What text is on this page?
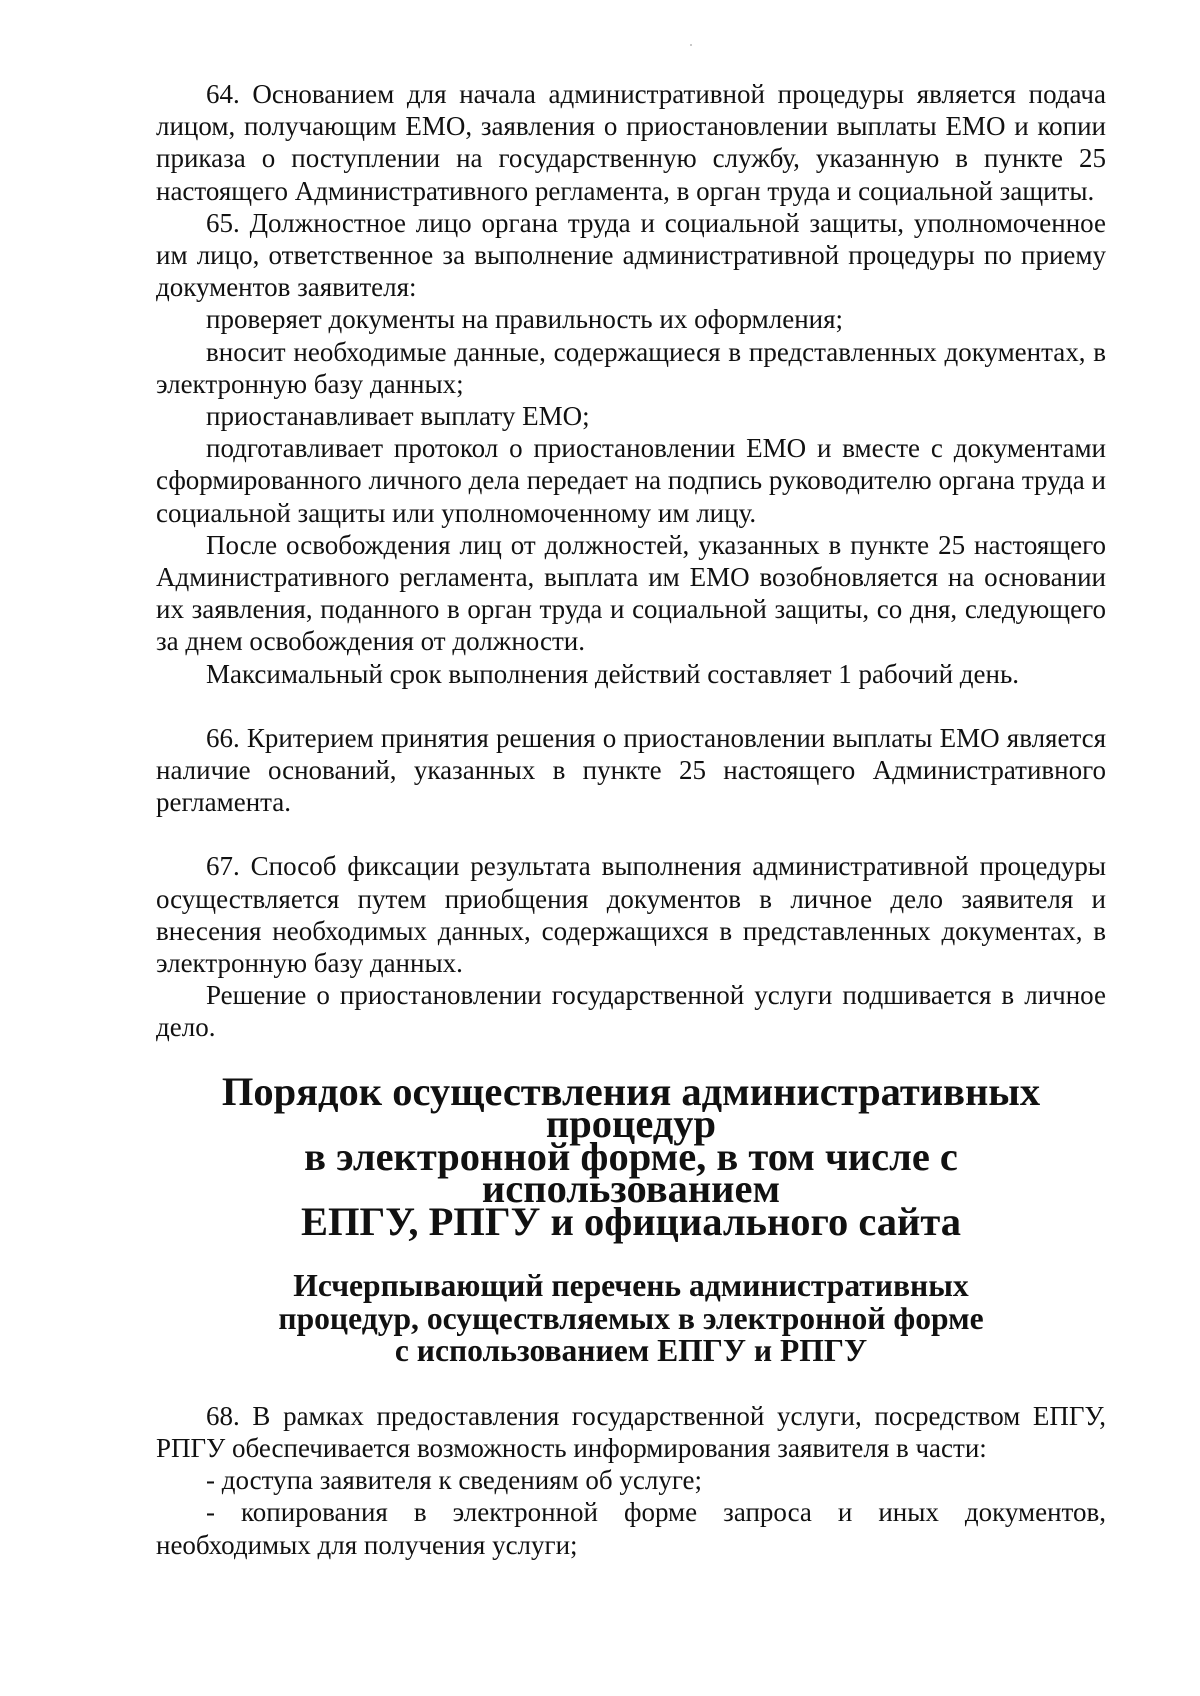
64. Основанием для начала административной процедуры является подача лицом, получающим ЕМО, заявления о приостановлении выплаты ЕМО и копии приказа о поступлении на государственную службу, указанную в пункте 25 настоящего Административного регламента, в орган труда и социальной защиты.

65. Должностное лицо органа труда и социальной защиты, уполномоченное им лицо, ответственное за выполнение административной процедуры по приему документов заявителя:

проверяет документы на правильность их оформления;

вносит необходимые данные, содержащиеся в представленных документах, в электронную базу данных;

приостанавливает выплату ЕМО;

подготавливает протокол о приостановлении ЕМО и вместе с документами сформированного личного дела передает на подпись руководителю органа труда и социальной защиты или уполномоченному им лицу.

После освобождения лиц от должностей, указанных в пункте 25 настоящего Административного регламента, выплата им ЕМО возобновляется на основании их заявления, поданного в орган труда и социальной защиты, со дня, следующего за днем освобождения от должности.

Максимальный срок выполнения действий составляет 1 рабочий день.

66. Критерием принятия решения о приостановлении выплаты ЕМО является наличие оснований, указанных в пункте 25 настоящего Административного регламента.

67. Способ фиксации результата выполнения административной процедуры осуществляется путем приобщения документов в личное дело заявителя и внесения необходимых данных, содержащихся в представленных документах, в электронную базу данных.

Решение о приостановлении государственной услуги подшивается в личное дело.

Порядок осуществления административных процедур
в электронной форме, в том числе с использованием
ЕПГУ, РПГУ и официального сайта
Исчерпывающий перечень административных
процедур, осуществляемых в электронной форме
с использованием ЕПГУ и РПГУ

68. В рамках предоставления государственной услуги, посредством ЕПГУ, РПГУ обеспечивается возможность информирования заявителя в части:

- доступа заявителя к сведениям об услуге;

- копирования в электронной форме запроса и иных документов, необходимых для получения услуги;
